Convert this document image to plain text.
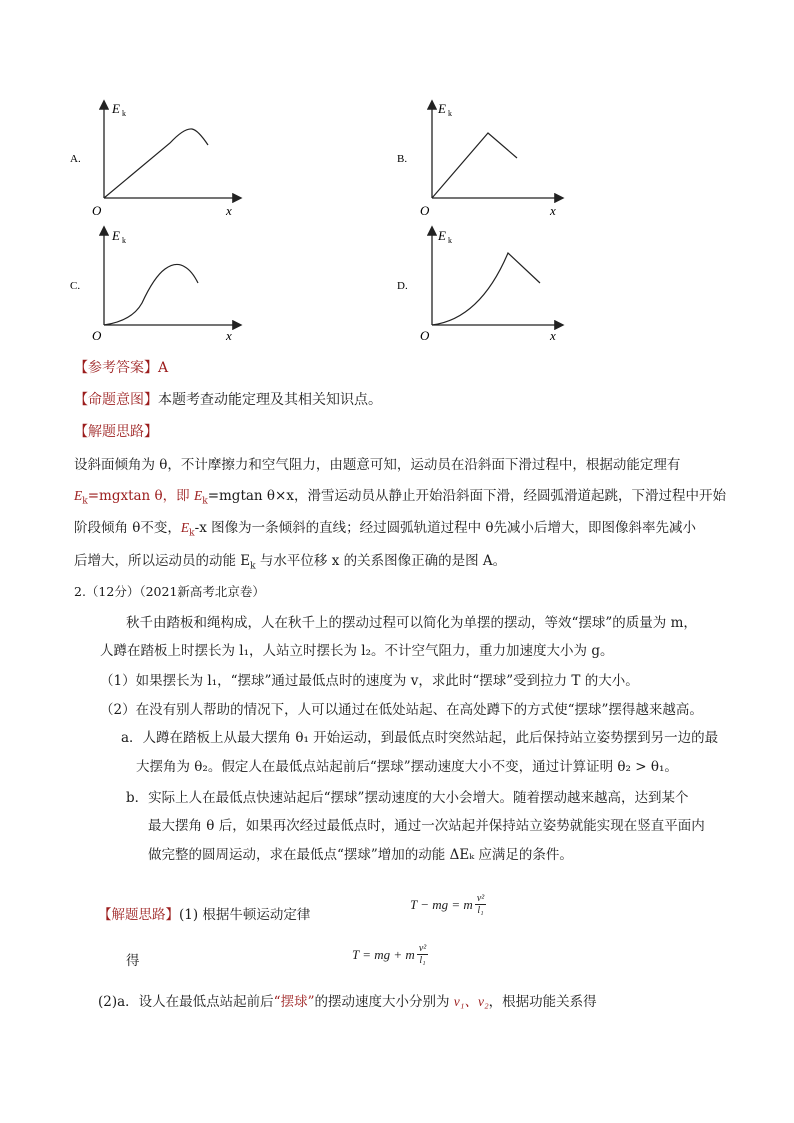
E k
x
O
A.
E k
x
O
B.
E k
x
O
C.
E k
x
O
D.
【参考答案】A
【命题意图】本题考查动能定理及其相关知识点。
【解题思路】
设斜面倾角为 θ，不计摩擦力和空气阻力，由题意可知，运动员在沿斜面下滑过程中，根据动能定理有
$E_k=mgxtan$ θ，即 $E_k=mgtan$ θ×x，滑雪运动员从静止开始沿斜面下滑，经圆弧滑道起跳，下滑过程中开始
阶段倾角 θ不变，$E_k-x$ 图像为一条倾斜的直线；经过圆弧轨道过程中 θ先减小后增大，即图像斜率先减小
后增大，所以运动员的动能 $E_k$ 与水平位移 x 的关系图像正确的是图 A。
2.（12分）（2021新高考北京卷）
秋千由踏板和绳构成，人在秋千上的摆动过程可以简化为单摆的摆动，等效“摆球”的质量为 m，
人蹲在踏板上时摆长为 l₁，人站立时摆长为 l₂。不计空气阻力，重力加速度大小为 g。
（1）如果摆长为 l₁，“摆球”通过最低点时的速度为 v，求此时“摆球”受到拉力 T 的大小。
（2）在没有别人帮助的情况下，人可以通过在低处站起、在高处蹲下的方式使“摆球”摆得越来越高。
a．人蹲在踏板上从最大摆角 θ₁ 开始运动，到最低点时突然站起，此后保持站立姿势摆到另一边的最
大摆角为 θ₂。假定人在最低点站起前后“摆球”摆动速度大小不变，通过计算证明 θ₂ > θ₁。
b．实际上人在最低点快速站起后“摆球”摆动速度的大小会增大。随着摆动越来越高，达到某个
最大摆角 θ 后，如果再次经过最低点时，通过一次站起并保持站立姿势就能实现在竖直平面内
做完整的圆周运动，求在最低点“摆球”增加的动能 ΔEₖ 应满足的条件。
【解题思路】(1) 根据牛顿运动定律
T − mg = m $\frac{\text{v²}}{\text{l₁}}$
得	T = mg + m $\frac{\text{v²}}{\text{l₁}}$
(2)a．设人在最低点站起前后“摆球”的摆动速度大小分别为 v₁、v₂，根据功能关系得
